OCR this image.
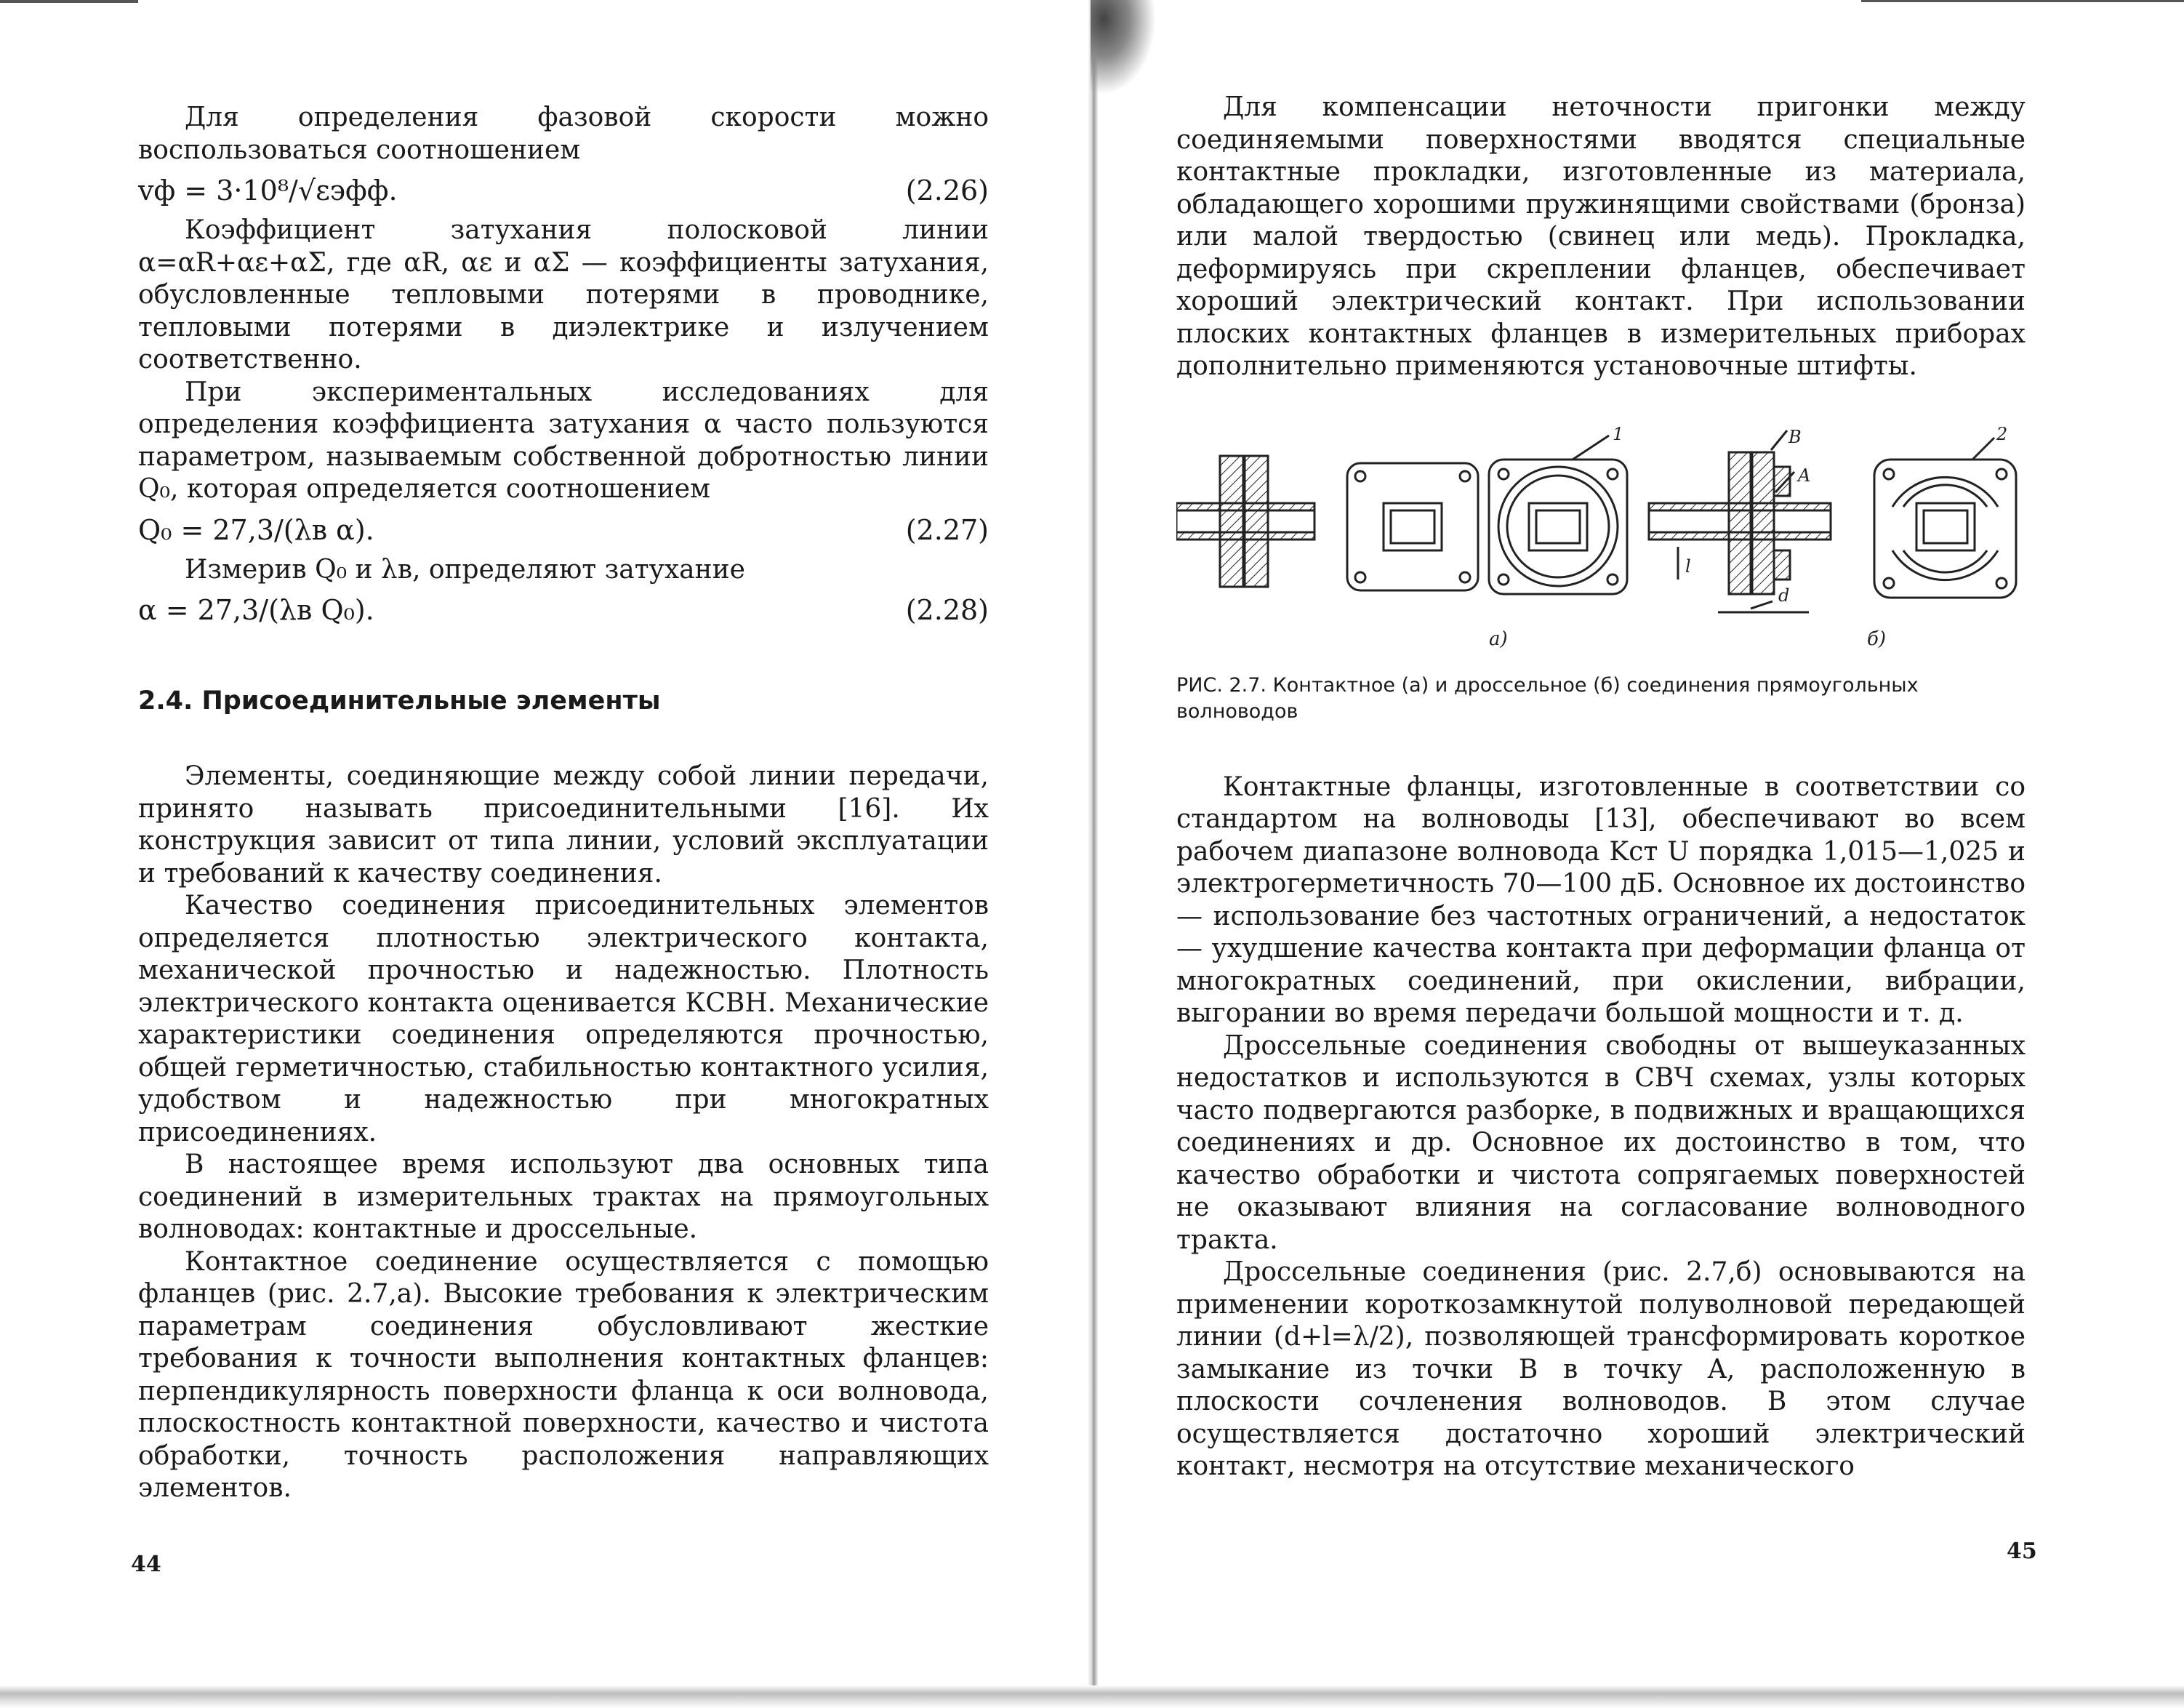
Для определения фазовой скорости можно воспользоваться соотношением

vф = 3·10⁸/√εэфф.	(2.26)

Коэффициент затухания полосковой линии α=αR+αε+αΣ, где αR, αε и αΣ — коэффициенты затухания, обусловленные тепловыми потерями в проводнике, тепловыми потерями в диэлектрике и излучением соответственно.

При экспериментальных исследованиях для определения коэффициента затухания α часто пользуются параметром, называемым собственной добротностью линии Q₀, которая определяется соотношением

Q₀ = 27,3/(λв α).	(2.27)

Измерив Q₀ и λв, определяют затухание

α = 27,3/(λв Q₀).	(2.28)
2.4. Присоединительные элементы

Элементы, соединяющие между собой линии передачи, принято называть присоединительными [16]. Их конструкция зависит от типа линии, условий эксплуатации и требований к качеству соединения.

Качество соединения присоединительных элементов определяется плотностью электрического контакта, механической прочностью и надежностью. Плотность электрического контакта оценивается КСВН. Механические характеристики соединения определяются прочностью, общей герметичностью, стабильностью контактного усилия, удобством и надежностью при многократных присоединениях.

В настоящее время используют два основных типа соединений в измерительных трактах на прямоугольных волноводах: контактные и дроссельные.

Контактное соединение осуществляется с помощью фланцев (рис. 2.7,а). Высокие требования к электрическим параметрам соединения обусловливают жесткие требования к точности выполнения контактных фланцев: перпендикулярность поверхности фланца к оси волновода, плоскостность контактной поверхности, качество и чистота обработки, точность расположения направляющих элементов.

44

Для компенсации неточности пригонки между соединяемыми поверхностями вводятся специальные контактные прокладки, изготовленные из материала, обладающего хорошими пружинящими свойствами (бронза) или малой твердостью (свинец или медь). Прокладка, деформируясь при скреплении фланцев, обеспечивает хороший электрический контакт. При использовании плоских контактных фланцев в измерительных приборах дополнительно применяются установочные штифты.

1	B
A
l
d
2
а)	б)
РИС. 2.7. Контактное (а) и дроссельное (б) соединения прямоугольных волноводов

Контактные фланцы, изготовленные в соответствии со стандартом на волноводы [13], обеспечивают во всем рабочем диапазоне волновода Kст U порядка 1,015—1,025 и электрогерметичность 70—100 дБ. Основное их достоинство — использование без частотных ограничений, а недостаток — ухудшение качества контакта при деформации фланца от многократных соединений, при окислении, вибрации, выгорании во время передачи большой мощности и т. д.

Дроссельные соединения свободны от вышеуказанных недостатков и используются в СВЧ схемах, узлы которых часто подвергаются разборке, в подвижных и вращающихся соединениях и др. Основное их достоинство в том, что качество обработки и чистота сопрягаемых поверхностей не оказывают влияния на согласование волноводного тракта.

Дроссельные соединения (рис. 2.7,б) основываются на применении короткозамкнутой полуволновой передающей линии (d+l=λ/2), позволяющей трансформировать короткое замыкание из точки B в точку A, расположенную в плоскости сочленения волноводов. В этом случае осуществляется достаточно хороший электрический контакт, несмотря на отсутствие механического

45
